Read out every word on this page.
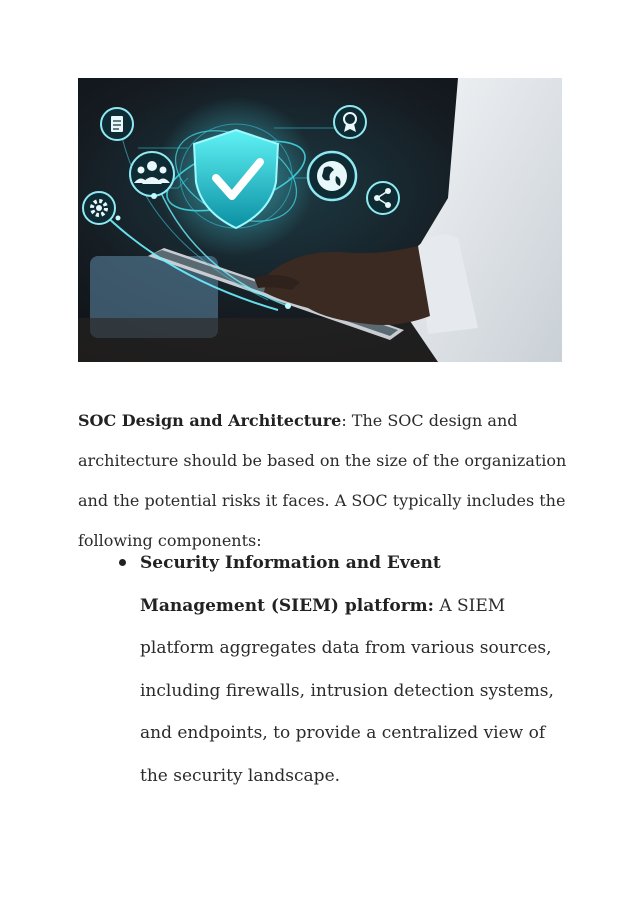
SOC Design and Architecture: The SOC design and architecture should be based on the size of the organization and the potential risks it faces. A SOC typically includes the following components:

Security Information and Event Management (SIEM) platform: A SIEM platform aggregates data from various sources, including firewalls, intrusion detection systems, and endpoints, to provide a centralized view of the security landscape.
